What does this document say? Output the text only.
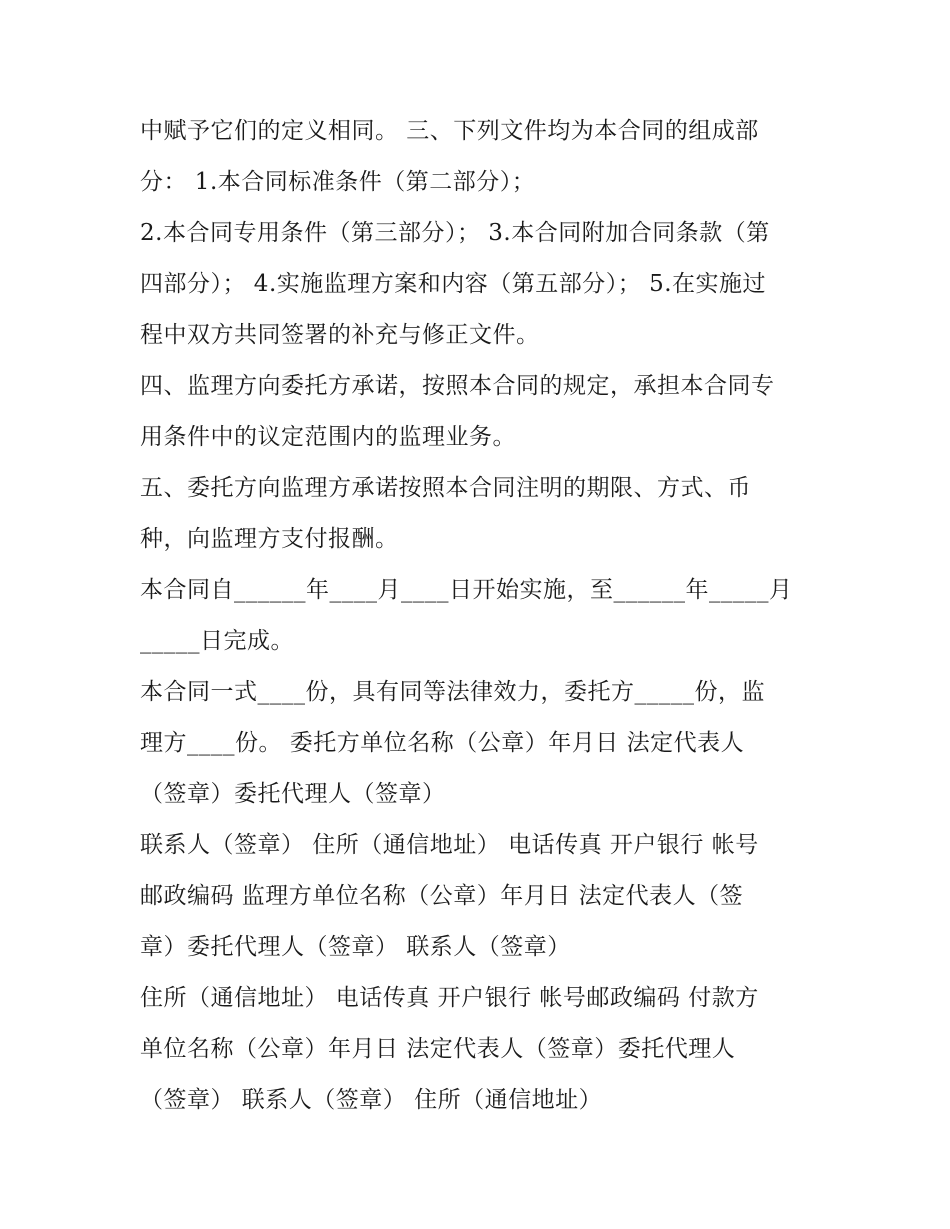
中赋予它们的定义相同。 三、下列文件均为本合同的组成部
分： 1.本合同标准条件（第二部分）；
2.本合同专用条件（第三部分）； 3.本合同附加合同条款（第
四部分）； 4.实施监理方案和内容（第五部分）； 5.在实施过
程中双方共同签署的补充与修正文件。
四、监理方向委托方承诺，按照本合同的规定，承担本合同专
用条件中的议定范围内的监理业务。
五、委托方向监理方承诺按照本合同注明的期限、方式、币
种，向监理方支付报酬。
本合同自______年____月____日开始实施，至______年_____月
_____日完成。
本合同一式____份，具有同等法律效力，委托方_____份，监
理方____份。 委托方单位名称（公章）年月日 法定代表人
（签章）委托代理人（签章）
联系人（签章） 住所（通信地址） 电话传真 开户银行 帐号
邮政编码 监理方单位名称（公章）年月日 法定代表人（签
章）委托代理人（签章） 联系人（签章）
住所（通信地址） 电话传真 开户银行 帐号邮政编码 付款方
单位名称（公章）年月日 法定代表人（签章）委托代理人
（签章） 联系人（签章） 住所（通信地址）
